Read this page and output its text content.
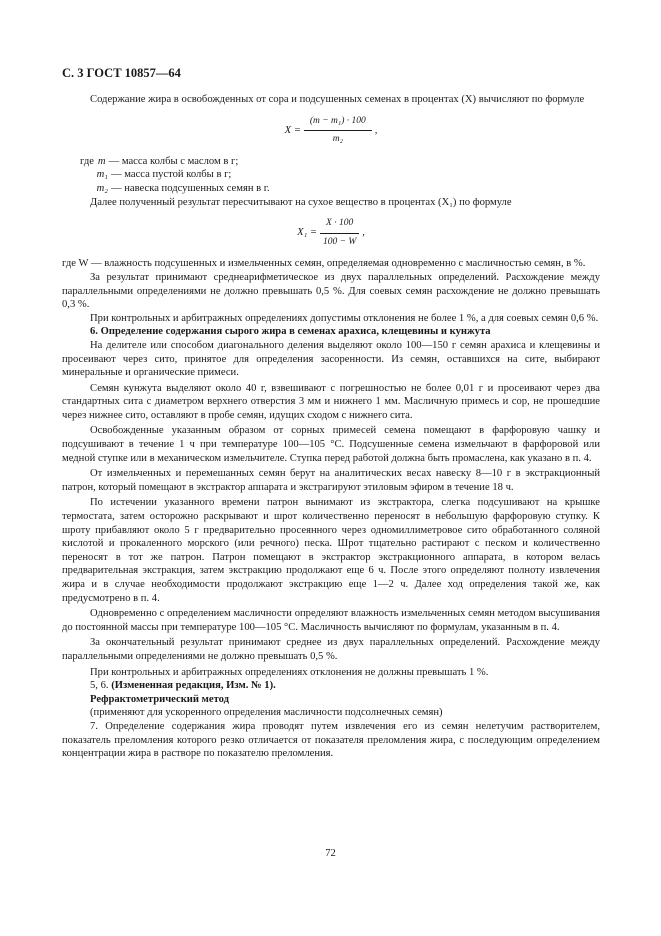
С. 3 ГОСТ 10857—64

Содержание жира в освобожденных от сора и подсушенных семенах в процентах (X) вычисляют по формуле

$X = \frac{\text{(m − m₁) · 100}}{\text{m₂}}$ ,
где m — масса колбы с маслом в г;
m₁ — масса пустой колбы в г;
m₂ — навеска подсушенных семян в г.

Далее полученный результат пересчитывают на сухое вещество в процентах (X₁) по формуле

$X_1 = \frac{X \cdot 100}{100 - W}$ ,

где W — влажность подсушенных и измельченных семян, определяемая одновременно с масличностью семян, в %.

За результат принимают среднеарифметическое из двух параллельных определений. Расхождение между параллельными определениями не должно превышать 0,5 %. Для соевых семян расхождение не должно превышать 0,3 %.

При контрольных и арбитражных определениях допустимы отклонения не более 1 %, а для соевых семян 0,6 %.

6. Определение содержания сырого жира в семенах арахиса, клещевины и кунжута

На делителе или способом диагонального деления выделяют около 100—150 г семян арахиса и клещевины и просеивают через сито, принятое для определения засоренности. Из семян, оставшихся на сите, выбирают минеральные и органические примеси.

Семян кунжута выделяют около 40 г, взвешивают с погрешностью не более 0,01 г и просеивают через два стандартных сита с диаметром верхнего отверстия 3 мм и нижнего 1 мм. Масличную примесь и сор, не прошедшие через нижнее сито, оставляют в пробе семян, идущих сходом с нижнего сита.

Освобожденные указанным образом от сорных примесей семена помещают в фарфоровую чашку и подсушивают в течение 1 ч при температуре 100—105 °С. Подсушенные семена измельчают в фарфоровой или медной ступке или в механическом измельчителе. Ступка перед работой должна быть промаслена, как указано в п. 4.

От измельченных и перемешанных семян берут на аналитических весах навеску 8—10 г в экстракционный патрон, который помещают в экстрактор аппарата и экстрагируют этиловым эфиром в течение 18 ч.

По истечении указанного времени патрон вынимают из экстрактора, слегка подсушивают на крышке термостата, затем осторожно раскрывают и шрот количественно переносят в небольшую фарфоровую ступку. К шроту прибавляют около 5 г предварительно просеянного через одномиллиметровое сито обработанного соляной кислотой и прокаленного морского (или речного) песка. Шрот тщательно растирают с песком и количественно переносят в тот же патрон. Патрон помещают в экстрактор экстракционного аппарата, в котором велась предварительная экстракция, затем экстракцию продолжают еще 6 ч. После этого определяют полноту извлечения жира и в случае необходимости продолжают экстракцию еще 1—2 ч. Далее ход определения такой же, как предусмотрено в п. 4.

Одновременно с определением масличности определяют влажность измельченных семян методом высушивания до постоянной массы при температуре 100—105 °С. Масличность вычисляют по формулам, указанным в п. 4.

За окончательный результат принимают среднее из двух параллельных определений. Расхождение между параллельными определениями не должно превышать 0,5 %.

При контрольных и арбитражных определениях отклонения не должны превышать 1 %.

5, 6. (Измененная редакция, Изм. № 1).

Рефрактометрический метод

(применяют для ускоренного определения масличности подсолнечных семян)

7. Определение содержания жира проводят путем извлечения его из семян нелетучим растворителем, показатель преломления которого резко отличается от показателя преломления жира, с последующим определением концентрации жира в растворе по показателю преломления.

72
